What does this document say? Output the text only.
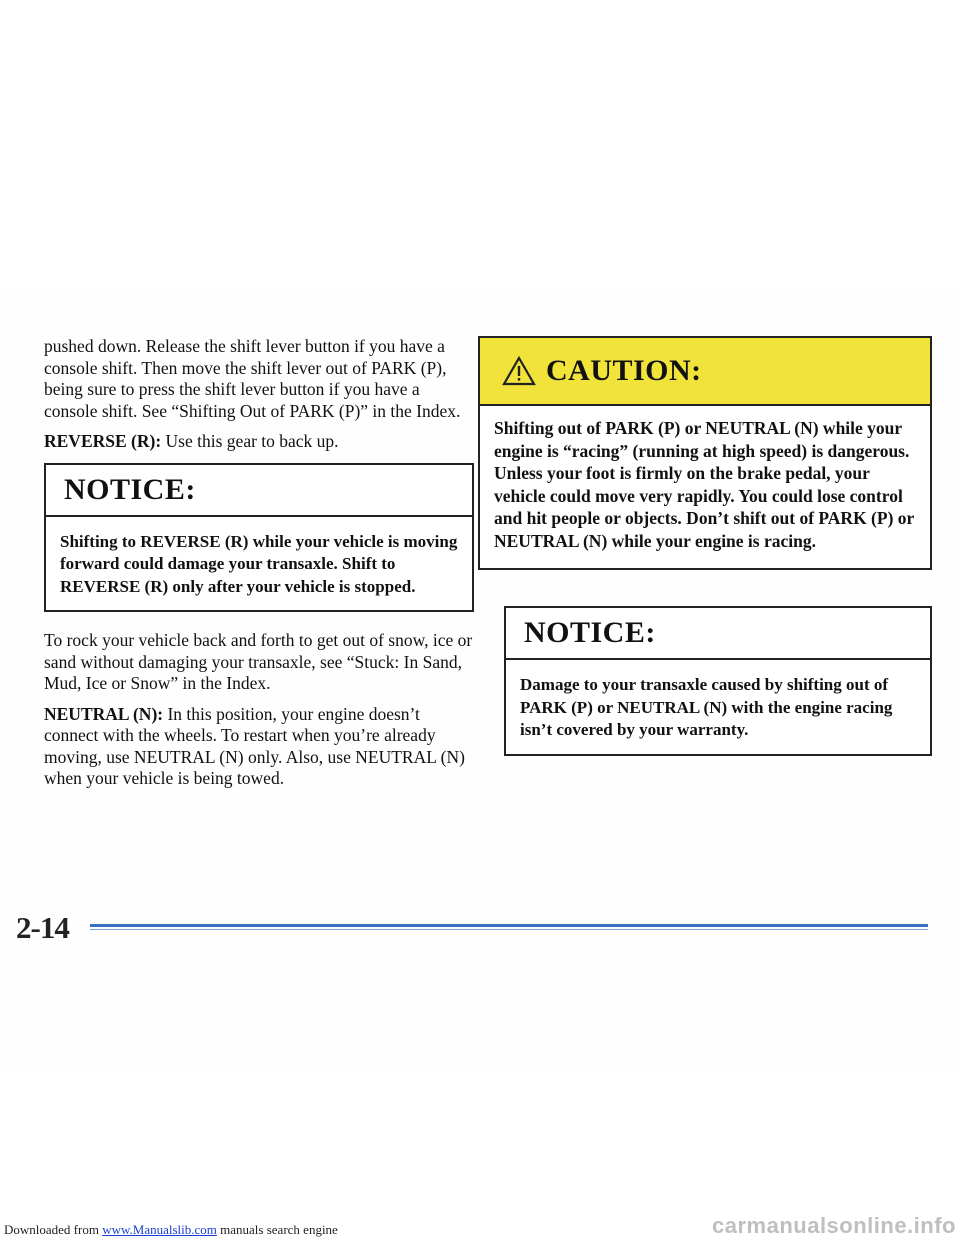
pushed down. Release the shift lever button if you have a console shift. Then move the shift lever out of PARK (P), being sure to press the shift lever button if you have a console shift. See “Shifting Out of PARK (P)” in the Index.

REVERSE (R): Use this gear to back up.

NOTICE:
Shifting to REVERSE (R) while your vehicle is moving forward could damage your transaxle. Shift to REVERSE (R) only after your vehicle is stopped.

To rock your vehicle back and forth to get out of snow, ice or sand without damaging your transaxle, see “Stuck: In Sand, Mud, Ice or Snow” in the Index.

NEUTRAL (N): In this position, your engine doesn’t connect with the wheels. To restart when you’re already moving, use NEUTRAL (N) only. Also, use NEUTRAL (N) when your vehicle is being towed.

CAUTION:
Shifting out of PARK (P) or NEUTRAL (N) while your engine is “racing” (running at high speed) is dangerous. Unless your foot is firmly on the brake pedal, your vehicle could move very rapidly. You could lose control and hit people or objects. Don’t shift out of PARK (P) or NEUTRAL (N) while your engine is racing.
NOTICE:
Damage to your transaxle caused by shifting out of PARK (P) or NEUTRAL (N) with the engine racing isn’t covered by your warranty.
2-14
Downloaded from www.Manualslib.com manuals search engine	carmanualsonline.info
